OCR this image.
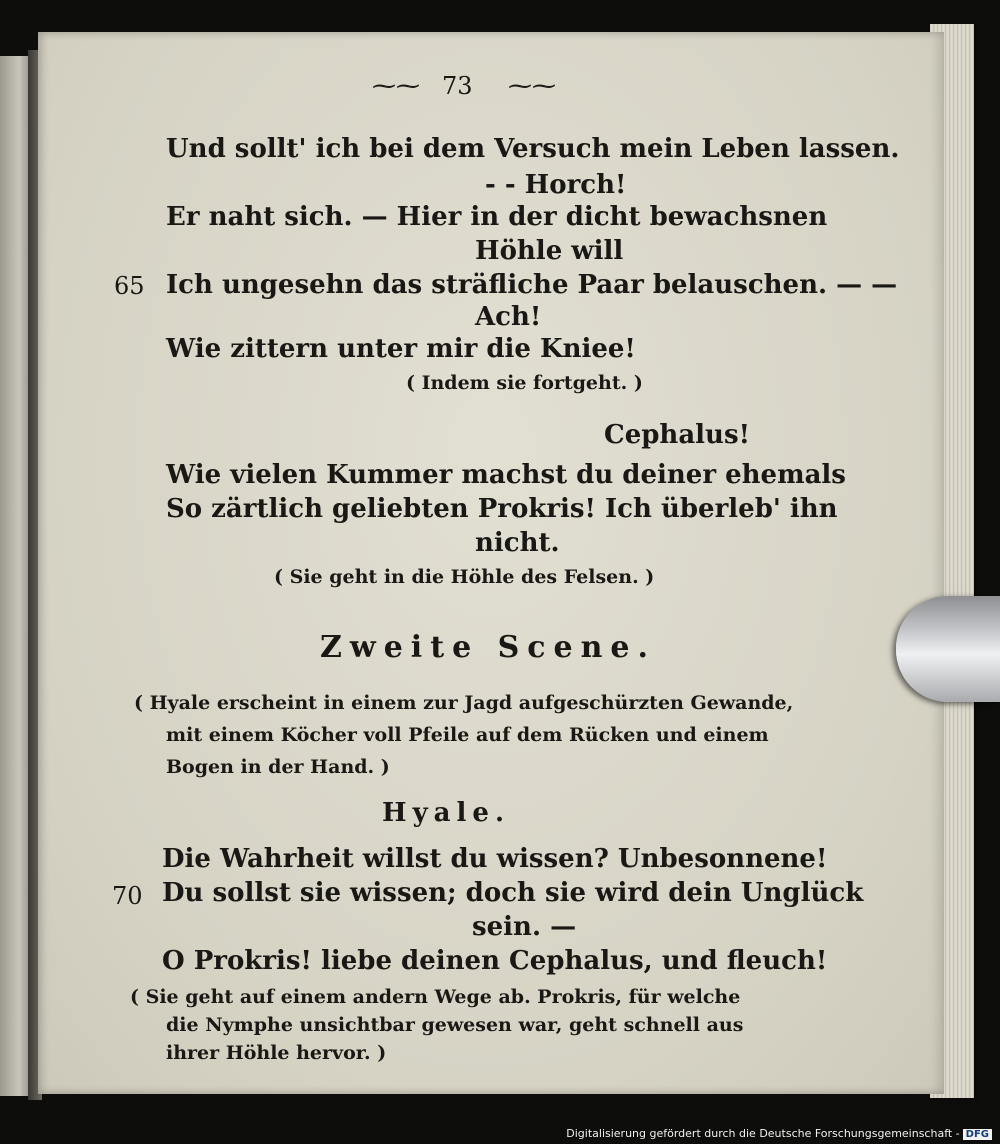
⁓⁓ 73 ⁓⁓
Und sollt' ich bei dem Versuch mein Leben lassen.
- - Horch!
Er naht sich. — Hier in der dicht bewachsnen
Höhle will
65 Ich ungesehn das sträfliche Paar belauschen. — —
Ach!
Wie zittern unter mir die Kniee!
( Indem sie fortgeht. )
Cephalus!
Wie vielen Kummer machst du deiner ehemals
So zärtlich geliebten Prokris! Ich überleb' ihn
nicht.
( Sie geht in die Höhle des Felsen. )
Zweite Scene.
( Hyale erscheint in einem zur Jagd aufgeschürzten Gewande,
mit einem Köcher voll Pfeile auf dem Rücken und einem
Bogen in der Hand. )
Hyale.
Die Wahrheit willst du wissen? Unbesonnene!
70 Du sollst sie wissen; doch sie wird dein Unglück
sein. —
O Prokris! liebe deinen Cephalus, und fleuch!
( Sie geht auf einem andern Wege ab. Prokris, für welche
die Nymphe unsichtbar gewesen war, geht schnell aus
ihrer Höhle hervor. )
Digitalisierung gefördert durch die Deutsche Forschungsgemeinschaft - DFG
